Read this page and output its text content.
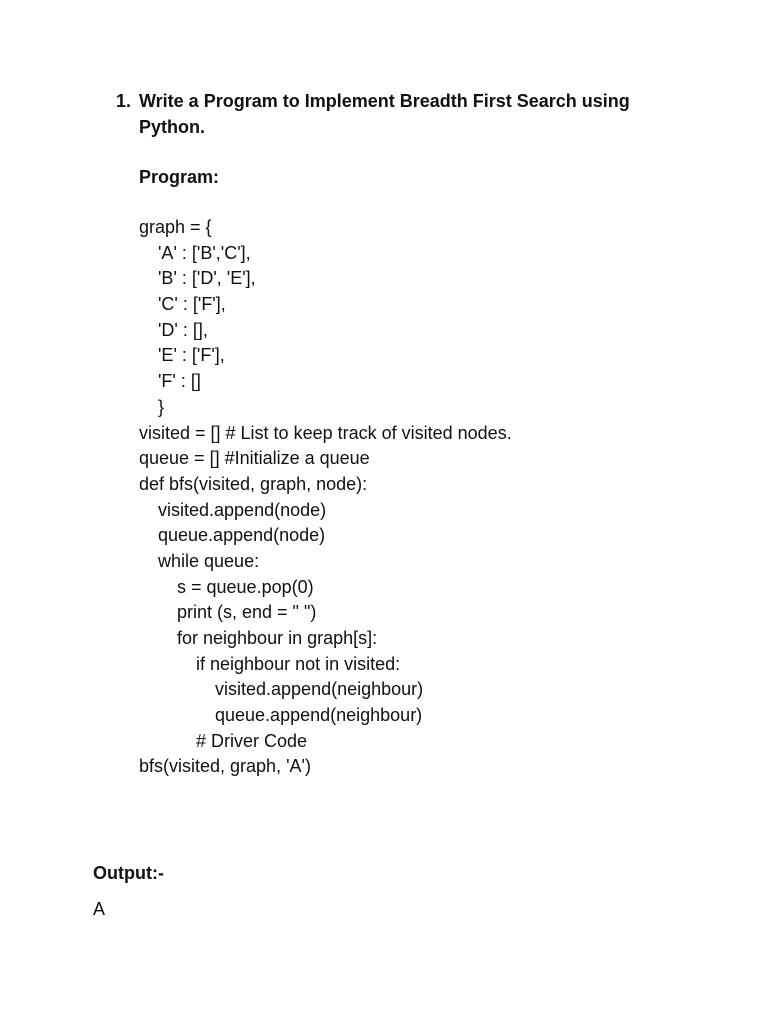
1. Write a Program to Implement Breadth First Search using Python.
Program:
graph = {
'A' : ['B','C'],
'B' : ['D', 'E'],
'C' : ['F'],
'D' : [],
'E' : ['F'],
'F' : []
}
visited = [] # List to keep track of visited nodes.
queue = [] #Initialize a queue
def bfs(visited, graph, node):
visited.append(node)
queue.append(node)
while queue:
s = queue.pop(0)
print (s, end = " ")
for neighbour in graph[s]:
if neighbour not in visited:
visited.append(neighbour)
queue.append(neighbour)
# Driver Code
bfs(visited, graph, 'A')
Output:-
A
